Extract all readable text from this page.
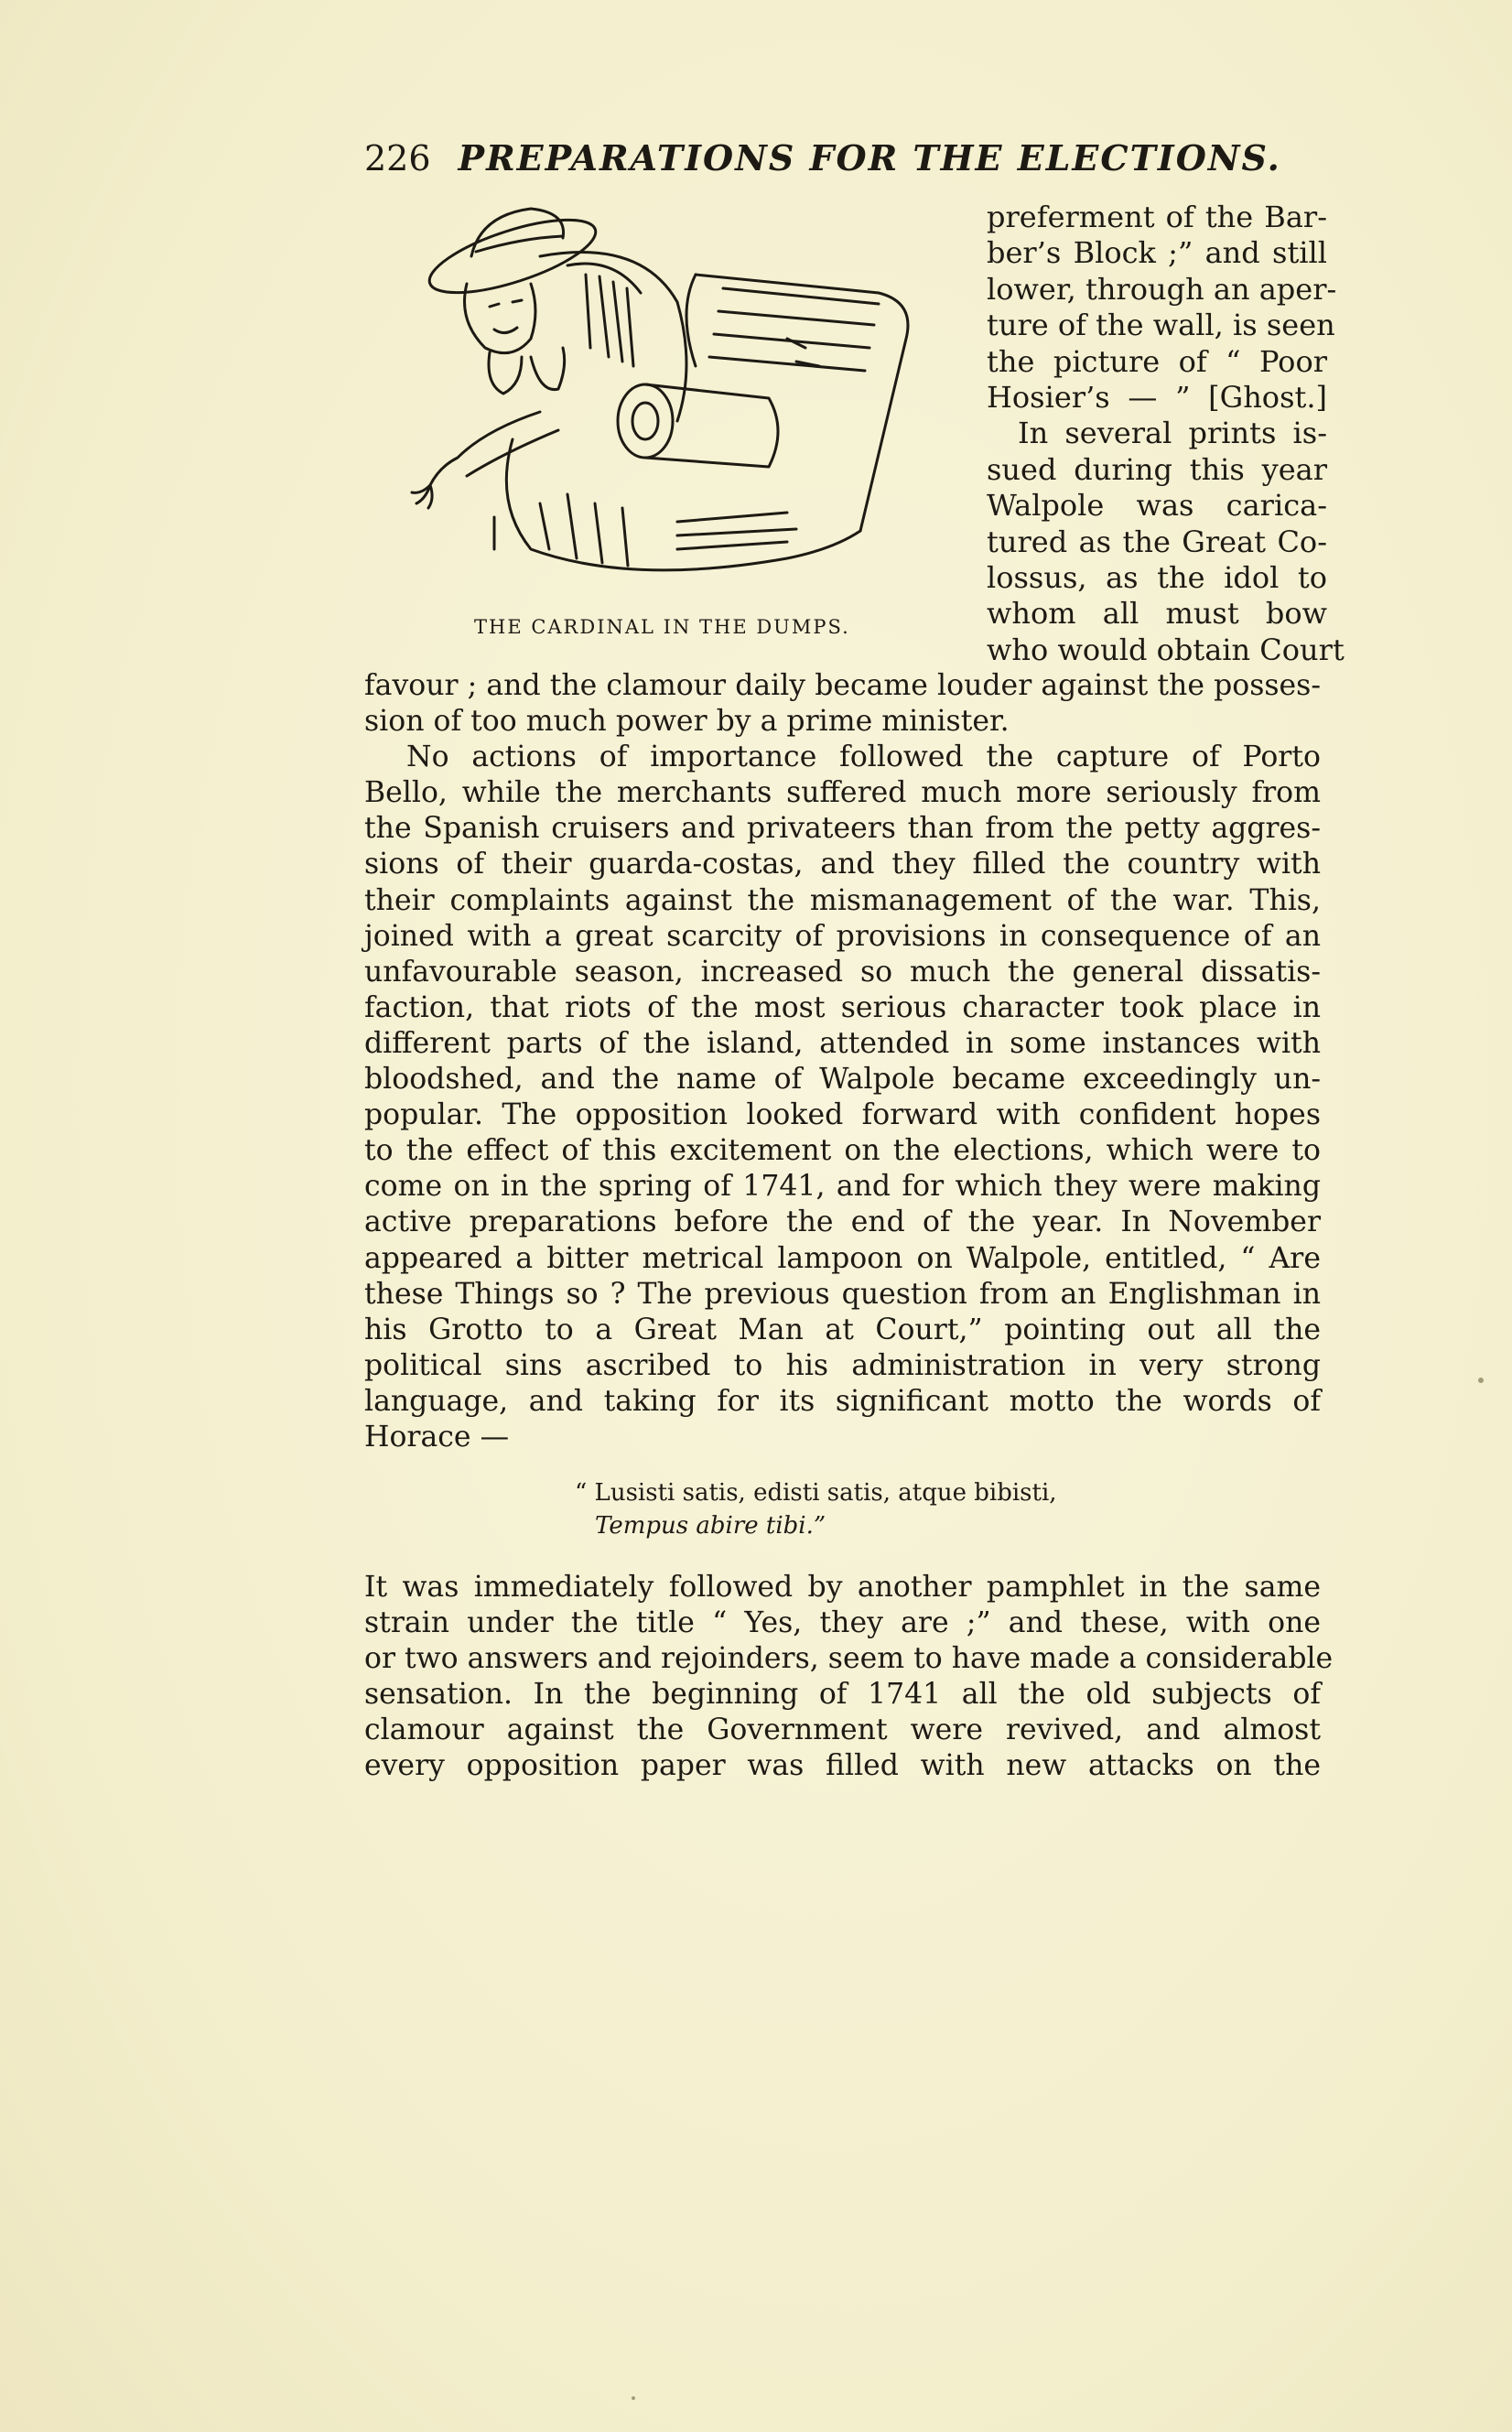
226 PREPARATIONS FOR THE ELECTIONS.
THE CARDINAL IN THE DUMPS.
preferment of the Bar-
ber’s Block ;” and still
lower, through an aper-
ture of the wall, is seen
the picture of “ Poor
Hosier’s — ” [Ghost.]
In several prints is-
sued during this year
Walpole was carica-
tured as the Great Co-
lossus, as the idol to
whom all must bow
who would obtain Court
favour ; and the clamour daily became louder against the posses-
sion of too much power by a prime minister.
No actions of importance followed the capture of Porto
Bello, while the merchants suffered much more seriously from
the Spanish cruisers and privateers than from the petty aggres-
sions of their guarda-costas, and they filled the country with
their complaints against the mismanagement of the war. This,
joined with a great scarcity of provisions in consequence of an
unfavourable season, increased so much the general dissatis-
faction, that riots of the most serious character took place in
different parts of the island, attended in some instances with
bloodshed, and the name of Walpole became exceedingly un-
popular. The opposition looked forward with confident hopes
to the effect of this excitement on the elections, which were to
come on in the spring of 1741, and for which they were making
active preparations before the end of the year. In November
appeared a bitter metrical lampoon on Walpole, entitled, “ Are
these Things so ? The previous question from an Englishman in
his Grotto to a Great Man at Court,” pointing out all the
political sins ascribed to his administration in very strong
language, and taking for its significant motto the words of
Horace —
“ Lusisti satis, edisti satis, atque bibisti,
Tempus abire tibi.”
It was immediately followed by another pamphlet in the same
strain under the title “ Yes, they are ;” and these, with one
or two answers and rejoinders, seem to have made a considerable
sensation. In the beginning of 1741 all the old subjects of
clamour against the Government were revived, and almost
every opposition paper was filled with new attacks on the
